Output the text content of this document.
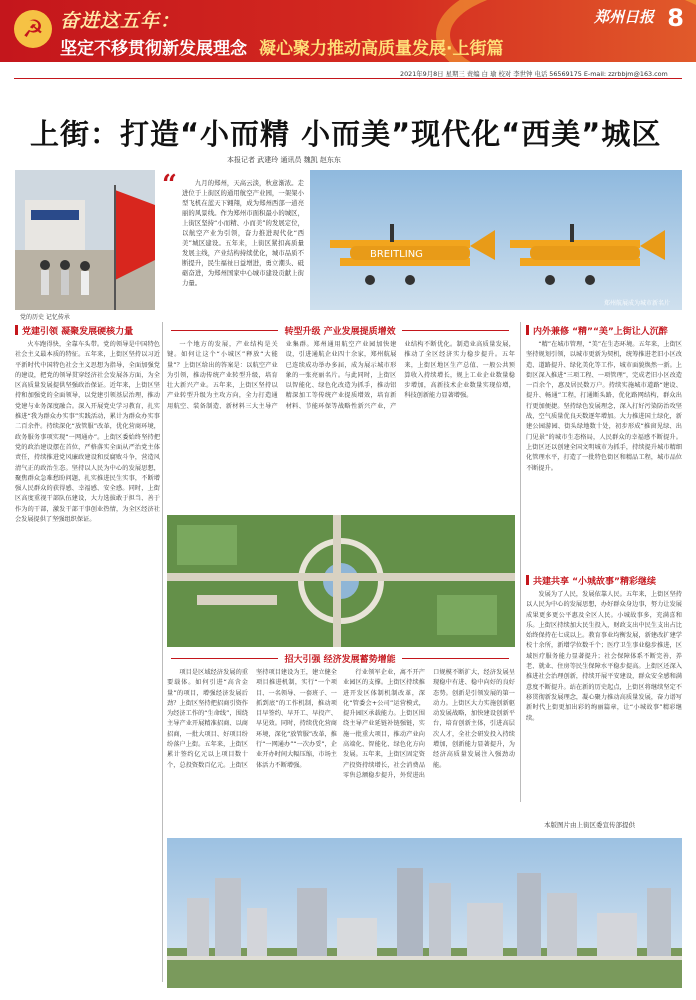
☭ 奋进这五年：
坚定不移贯彻新发展理念 凝心聚力推动高质量发展·上街篇
郑州日报 8
2021年9月8日 星期三 责编 白 瑜 校对 李世钟 电话 56569175 E-mail: zzrbbjm@163.com
上街：打造“小而精 小而美”现代化“西美”城区
本报记者 武建玲 通讯员 魏凯 赵东东
党的历史 记忆传承
“	九月的郑州，天高云淡，秋意渐浓。走进位于上街区的通用航空产业园，一架架小型飞机在蓝天下翱翔，成为郑州西部一道亮丽的风景线。作为郑州市面积最小的城区，上街区坚持“小而精、小而美”的发展定位，以航空产业为引领，奋力推进现代化“西美”城区建设。五年来，上街区紧扣高质量发展主线，产业结构持续优化，城市品质不断提升，民生福祉日益增进，勇立潮头、砥砺奋进，为郑州国家中心城市建设贡献上街力量。

BREITLING
郑州航展成为城市新名片
党建引领 凝聚发展硬核力量	转型升级 产业发展提质增效	内外兼修 “精”“美”上街让人沉醉

火车跑得快，全靠车头带。党的领导是中国特色社会主义最本质的特征。五年来，上街区坚持以习近平新时代中国特色社会主义思想为指导，全面加强党的建设，把党的领导贯穿经济社会发展各方面，为全区高质量发展提供坚强政治保证。近年来，上街区坚持和加强党的全面领导，以党建引领基层治理，推动党建与业务深度融合。深入开展党史学习教育，扎实推进“我为群众办实事”实践活动，累计为群众办实事二百余件。持续深化“放管服”改革，优化营商环境，政务服务事项实现“一网通办”。上街区委始终坚持把党的政治建设摆在首位，严格落实全面从严治党主体责任，持续推进党风廉政建设和反腐败斗争，营造风清气正的政治生态。坚持以人民为中心的发展思想，聚焦群众急难愁盼问题，扎实推进民生实事，不断增强人民群众的获得感、幸福感、安全感。同时，上街区高度重视干部队伍建设，大力选拔敢于担当、善于作为的干部，激发干部干事创业热情，为全区经济社会发展提供了坚强组织保证。

一个地方的发展，产业结构是关键。如何让这个“小城区”释放“大能量”？上街区给出的答案是：以航空产业为引领，推动传统产业转型升级，培育壮大新兴产业。五年来，上街区坚持以产业转型升级为主攻方向，全力打造通用航空、装备制造、新材料三大主导产业集群。郑州通用航空产业园加快建设，引进通航企业四十余家，郑州航展已连续成功举办多届，成为展示城市形象的一张亮丽名片。与此同时，上街区以智能化、绿色化改造为抓手，推动铝精深加工等传统产业提质增效，培育新材料、节能环保等战略性新兴产业，产业结构不断优化。制造业高质量发展，推动了全区经济实力稳步提升。五年来，上街区地区生产总值、一般公共预算收入持续增长，规上工业企业数量稳步增加，高新技术企业数量实现倍增，科技创新能力显著增强。

“精”在城市管理，“美”在生态环境。五年来，上街区坚持规划引领，以城市更新为契机，统筹推进老旧小区改造、道路提升、绿化美化等工作，城市面貌焕然一新。上街区深入推进“三项工程、一项管理”，完成老旧小区改造一百余个，惠及居民数万户。持续实施城市道路“建设、提升、畅通”工程，打通断头路，优化路网结构，群众出行更加便捷。坚持绿色发展理念，深入打好污染防治攻坚战，空气质量优良天数逐年增加。大力推进国土绿化，新建公园游园、街头绿地数十处，初步形成“推窗见绿、出门见景”的城市生态格局，人民群众的幸福感不断提升。上街区还以创建全国文明城市为抓手，持续提升城市精细化管理水平，打造了一批特色街区和精品工程，城市品位不断提升。

招大引强 经济发展蓄势增能
共建共享 “小城故事”精彩继续

项目是区域经济发展的重要载体。如何引进“高含金量”的项目，增强经济发展后劲？上街区坚持把招商引资作为经济工作的“生命线”，围绕主导产业开展精准招商、以商招商，一批大项目、好项目纷纷落户上街。五年来，上街区累计签约亿元以上项目数十个，总投资数百亿元。上街区坚持项目建设为王，建立健全项目推进机制，实行“一个项目、一名领导、一套班子、一抓到底”的工作机制，推动项目早签约、早开工、早投产、早见效。同时，持续优化营商环境，深化“放管服”改革，推行“一网通办”“一次办妥”，企业开办时间大幅压缩，市场主体活力不断增强。

行业领军企业，离不开产业园区的支撑。上街区持续推进开发区体制机制改革，深化“管委会+公司”运营模式，提升园区承载能力。上街区围绕主导产业延链补链强链，实施一批重大项目，推动产业向高端化、智能化、绿色化方向发展。五年来，上街区固定资产投资持续增长，社会消费品零售总额稳步提升，外贸进出口规模不断扩大，经济发展呈现稳中有进、稳中向好的良好态势。创新是引领发展的第一动力。上街区大力实施创新驱动发展战略，加快建设创新平台，培育创新主体，引进高层次人才，全社会研发投入持续增加，创新能力显著提升，为经济高质量发展注入强劲动能。

发展为了人民，发展依靠人民。五年来，上街区坚持以人民为中心的发展思想，办好群众身边事，努力让发展成果更多更公平惠及全区人民。小城故事多，充满喜和乐。上街区持续加大民生投入，财政支出中民生支出占比始终保持在七成以上。教育事业均衡发展，新建改扩建学校十余所，新增学位数千个；医疗卫生事业稳步推进，区域医疗服务能力显著提升；社会保障体系不断完善，养老、就业、住房等民生保障水平稳步提高。上街区还深入推进社会治理创新，持续开展平安建设，群众安全感和满意度不断提升。站在新的历史起点，上街区将继续坚定不移贯彻新发展理念，凝心聚力推动高质量发展，奋力谱写新时代上街更加出彩的绚丽篇章，让“小城故事”精彩继续。

本版图片由上街区委宣传部提供
